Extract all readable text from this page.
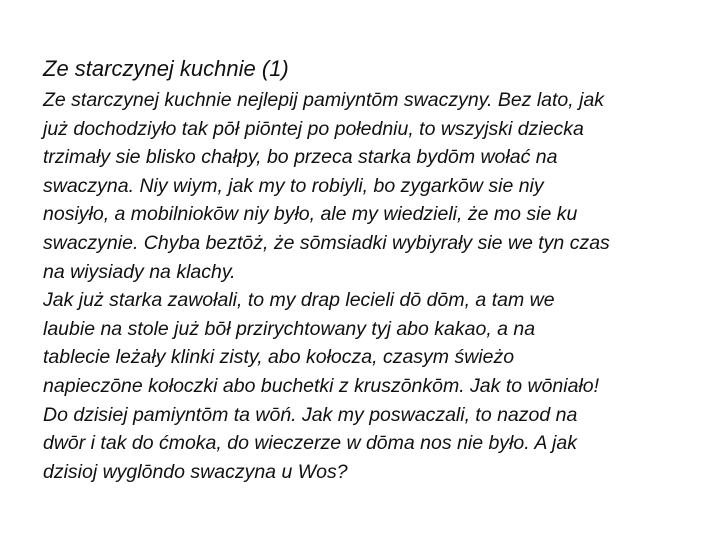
Ze starczynej kuchnie (1)
Ze starczynej kuchnie nejlepij pamiyntōm swaczyny. Bez lato, jak
już dochodziyło tak pōł piōntej po połedniu, to wszyjski dziecka
trzimały sie blisko chałpy, bo przeca starka bydōm wołać na
swaczyna. Niy wiym, jak my to robiyli, bo zygarkōw sie niy
nosiyło, a mobilniokōw niy było, ale my wiedzieli, że mo sie ku
swaczynie. Chyba beztōż, że sōmsiadki wybiyrały sie we tyn czas
na wiysiady na klachy.
Jak już starka zawołali, to my drap lecieli dō dōm, a tam we
laubie na stole już bōł przirychtowany tyj abo kakao, a na
tablecie leżały klinki zisty, abo kołocza, czasym świeżo
napieczōne kołoczki abo buchetki z kruszōnkōm. Jak to wōniało!
Do dzisiej pamiyntōm ta wōń. Jak my poswaczali, to nazod na
dwōr i tak do ćmoka, do wieczerze w dōma nos nie było. A jak
dzisioj wyglōndo swaczyna u Wos?
